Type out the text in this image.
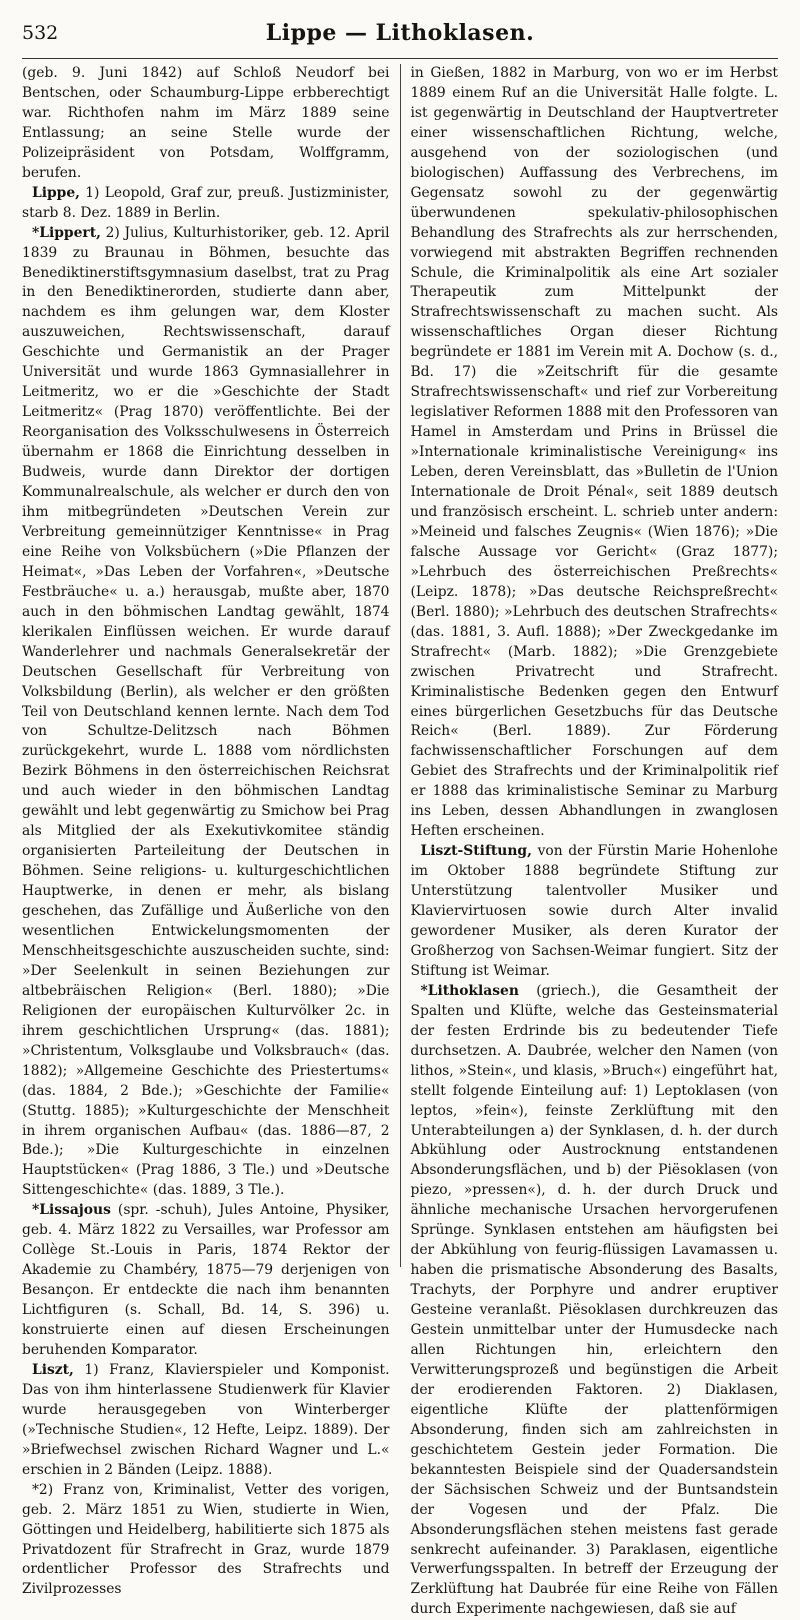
532	Lippe — Lithoklasen.

(geb. 9. Juni 1842) auf Schloß Neudorf bei Bentschen, oder Schaumburg-Lippe erbberechtigt war. Richthofen nahm im März 1889 seine Entlassung; an seine Stelle wurde der Polizeipräsident von Potsdam, Wolffgramm, berufen.

Lippe, 1) Leopold, Graf zur, preuß. Justizminister, starb 8. Dez. 1889 in Berlin.

*Lippert, 2) Julius, Kulturhistoriker, geb. 12. April 1839 zu Braunau in Böhmen, besuchte das Benediktinerstiftsgymnasium daselbst, trat zu Prag in den Benediktinerorden, studierte dann aber, nachdem es ihm gelungen war, dem Kloster auszuweichen, Rechtswissenschaft, darauf Geschichte und Germanistik an der Prager Universität und wurde 1863 Gymnasiallehrer in Leitmeritz, wo er die »Geschichte der Stadt Leitmeritz« (Prag 1870) veröffentlichte. Bei der Reorganisation des Volksschulwesens in Österreich übernahm er 1868 die Einrichtung desselben in Budweis, wurde dann Direktor der dortigen Kommunalrealschule, als welcher er durch den von ihm mitbegründeten »Deutschen Verein zur Verbreitung gemeinnütziger Kenntnisse« in Prag eine Reihe von Volksbüchern (»Die Pflanzen der Heimat«, »Das Leben der Vorfahren«, »Deutsche Festbräuche« u. a.) herausgab, mußte aber, 1870 auch in den böhmischen Landtag gewählt, 1874 klerikalen Einflüssen weichen. Er wurde darauf Wanderlehrer und nachmals Generalsekretär der Deutschen Gesellschaft für Verbreitung von Volksbildung (Berlin), als welcher er den größten Teil von Deutschland kennen lernte. Nach dem Tod von Schultze-Delitzsch nach Böhmen zurückgekehrt, wurde L. 1888 vom nördlichsten Bezirk Böhmens in den österreichischen Reichsrat und auch wieder in den böhmischen Landtag gewählt und lebt gegenwärtig zu Smichow bei Prag als Mitglied der als Exekutivkomitee ständig organisierten Parteileitung der Deutschen in Böhmen. Seine religions- u. kulturgeschichtlichen Hauptwerke, in denen er mehr, als bislang geschehen, das Zufällige und Äußerliche von den wesentlichen Entwickelungsmomenten der Menschheitsgeschichte auszuscheiden suchte, sind: »Der Seelenkult in seinen Beziehungen zur altbebräischen Religion« (Berl. 1880); »Die Religionen der europäischen Kulturvölker 2c. in ihrem geschichtlichen Ursprung« (das. 1881); »Christentum, Volksglaube und Volksbrauch« (das. 1882); »Allgemeine Geschichte des Priestertums« (das. 1884, 2 Bde.); »Geschichte der Familie« (Stuttg. 1885); »Kulturgeschichte der Menschheit in ihrem organischen Aufbau« (das. 1886—87, 2 Bde.); »Die Kulturgeschichte in einzelnen Hauptstücken« (Prag 1886, 3 Tle.) und »Deutsche Sittengeschichte« (das. 1889, 3 Tle.).

*Lissajous (spr. -schuh), Jules Antoine, Physiker, geb. 4. März 1822 zu Versailles, war Professor am Collège St.-Louis in Paris, 1874 Rektor der Akademie zu Chambéry, 1875—79 derjenigen von Besançon. Er entdeckte die nach ihm benannten Lichtfiguren (s. Schall, Bd. 14, S. 396) u. konstruierte einen auf diesen Erscheinungen beruhenden Komparator.

Liszt, 1) Franz, Klavierspieler und Komponist. Das von ihm hinterlassene Studienwerk für Klavier wurde herausgegeben von Winterberger (»Technische Studien«, 12 Hefte, Leipz. 1889). Der »Briefwechsel zwischen Richard Wagner und L.« erschien in 2 Bänden (Leipz. 1888).

*2) Franz von, Kriminalist, Vetter des vorigen, geb. 2. März 1851 zu Wien, studierte in Wien, Göttingen und Heidelberg, habilitierte sich 1875 als Privatdozent für Strafrecht in Graz, wurde 1879 ordentlicher Professor des Strafrechts und Zivilprozesses

in Gießen, 1882 in Marburg, von wo er im Herbst 1889 einem Ruf an die Universität Halle folgte. L. ist gegenwärtig in Deutschland der Hauptvertreter einer wissenschaftlichen Richtung, welche, ausgehend von der soziologischen (und biologischen) Auffassung des Verbrechens, im Gegensatz sowohl zu der gegenwärtig überwundenen spekulativ-philosophischen Behandlung des Strafrechts als zur herrschenden, vorwiegend mit abstrakten Begriffen rechnenden Schule, die Kriminalpolitik als eine Art sozialer Therapeutik zum Mittelpunkt der Strafrechtswissenschaft zu machen sucht. Als wissenschaftliches Organ dieser Richtung begründete er 1881 im Verein mit A. Dochow (s. d., Bd. 17) die »Zeitschrift für die gesamte Strafrechtswissenschaft« und rief zur Vorbereitung legislativer Reformen 1888 mit den Professoren van Hamel in Amsterdam und Prins in Brüssel die »Internationale kriminalistische Vereinigung« ins Leben, deren Vereinsblatt, das »Bulletin de l'Union Internationale de Droit Pénal«, seit 1889 deutsch und französisch erscheint. L. schrieb unter andern: »Meineid und falsches Zeugnis« (Wien 1876); »Die falsche Aussage vor Gericht« (Graz 1877); »Lehrbuch des österreichischen Preßrechts« (Leipz. 1878); »Das deutsche Reichspreßrecht« (Berl. 1880); »Lehrbuch des deutschen Strafrechts« (das. 1881, 3. Aufl. 1888); »Der Zweckgedanke im Strafrecht« (Marb. 1882); »Die Grenzgebiete zwischen Privatrecht und Strafrecht. Kriminalistische Bedenken gegen den Entwurf eines bürgerlichen Gesetzbuchs für das Deutsche Reich« (Berl. 1889). Zur Förderung fachwissenschaftlicher Forschungen auf dem Gebiet des Strafrechts und der Kriminalpolitik rief er 1888 das kriminalistische Seminar zu Marburg ins Leben, dessen Abhandlungen in zwanglosen Heften erscheinen.

Liszt-Stiftung, von der Fürstin Marie Hohenlohe im Oktober 1888 begründete Stiftung zur Unterstützung talentvoller Musiker und Klaviervirtuosen sowie durch Alter invalid gewordener Musiker, als deren Kurator der Großherzog von Sachsen-Weimar fungiert. Sitz der Stiftung ist Weimar.

*Lithoklasen (griech.), die Gesamtheit der Spalten und Klüfte, welche das Gesteinsmaterial der festen Erdrinde bis zu bedeutender Tiefe durchsetzen. A. Daubrée, welcher den Namen (von lithos, »Stein«, und klasis, »Bruch«) eingeführt hat, stellt folgende Einteilung auf: 1) Leptoklasen (von leptos, »fein«), feinste Zerklüftung mit den Unterabteilungen a) der Synklasen, d. h. der durch Abkühlung oder Austrocknung entstandenen Absonderungsflächen, und b) der Piësoklasen (von piezo, »pressen«), d. h. der durch Druck und ähnliche mechanische Ursachen hervorgerufenen Sprünge. Synklasen entstehen am häufigsten bei der Abkühlung von feurig-flüssigen Lavamassen u. haben die prismatische Absonderung des Basalts, Trachyts, der Porphyre und andrer eruptiver Gesteine veranlaßt. Piësoklasen durchkreuzen das Gestein unmittelbar unter der Humusdecke nach allen Richtungen hin, erleichtern den Verwitterungsprozeß und begünstigen die Arbeit der erodierenden Faktoren. 2) Diaklasen, eigentliche Klüfte der plattenförmigen Absonderung, finden sich am zahlreichsten in geschichtetem Gestein jeder Formation. Die bekanntesten Beispiele sind der Quadersandstein der Sächsischen Schweiz und der Buntsandstein der Vogesen und der Pfalz. Die Absonderungsflächen stehen meistens fast gerade senkrecht aufeinander. 3) Paraklasen, eigentliche Verwerfungsspalten. In betreff der Erzeugung der Zerklüftung hat Daubrée für eine Reihe von Fällen durch Experimente nachgewiesen, daß sie auf
